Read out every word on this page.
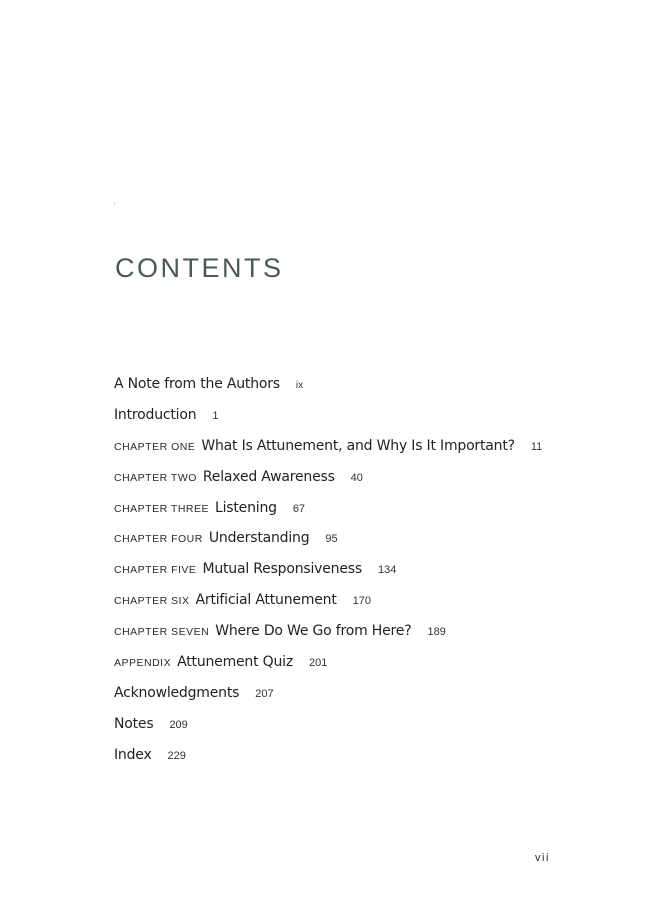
CONTENTS
A Note from the Authors ix
Introduction 1
CHAPTER ONE What Is Attunement, and Why Is It Important? 11
CHAPTER TWO Relaxed Awareness 40
CHAPTER THREE Listening 67
CHAPTER FOUR Understanding 95
CHAPTER FIVE Mutual Responsiveness 134
CHAPTER SIX Artificial Attunement 170
CHAPTER SEVEN Where Do We Go from Here? 189
APPENDIX Attunement Quiz 201
Acknowledgments 207
Notes 209
Index 229
vii
